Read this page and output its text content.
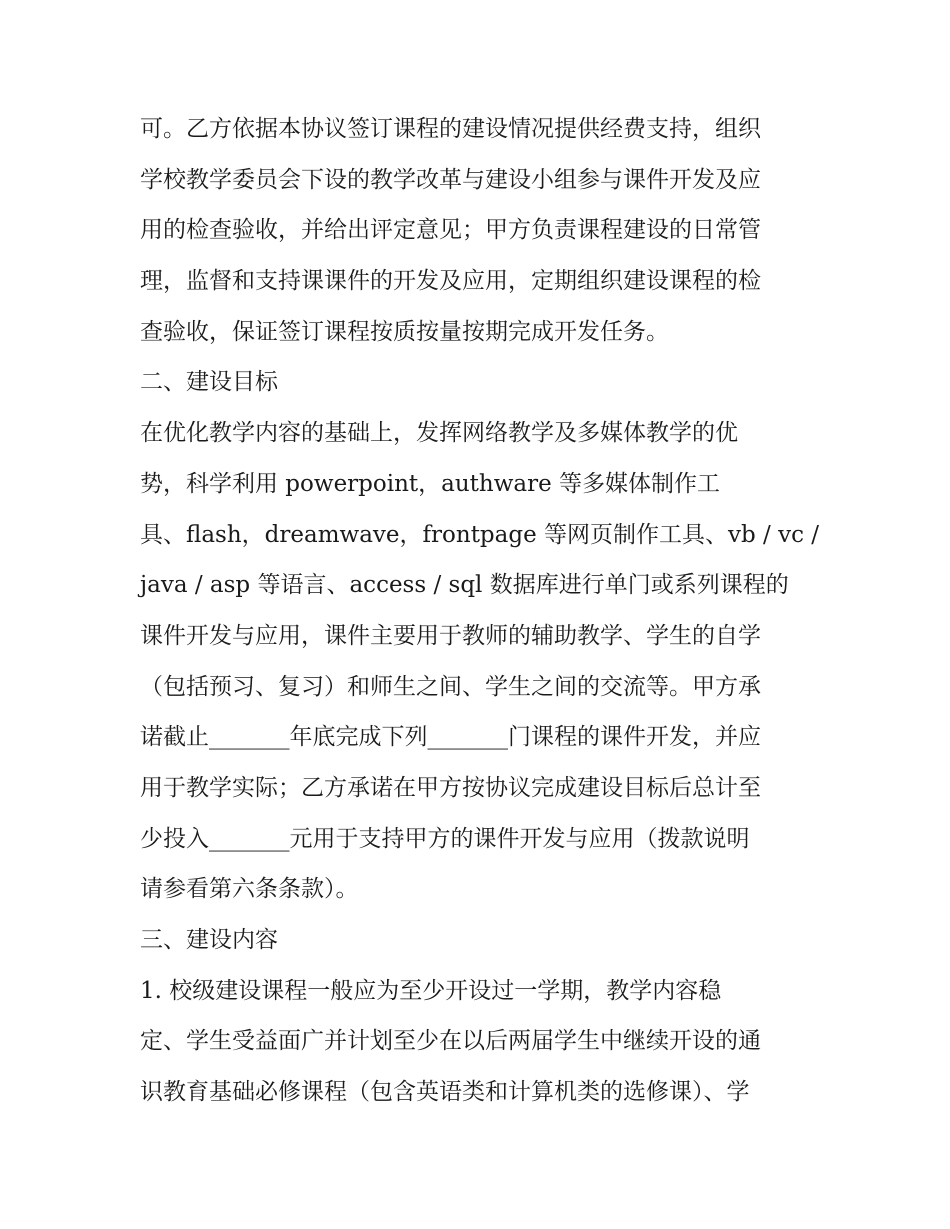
可。乙方依据本协议签订课程的建设情况提供经费支持，组织
学校教学委员会下设的教学改革与建设小组参与课件开发及应
用的检查验收，并给出评定意见；甲方负责课程建设的日常管
理，监督和支持课课件的开发及应用，定期组织建设课程的检
查验收，保证签订课程按质按量按期完成开发任务。
二、建设目标
在优化教学内容的基础上，发挥网络教学及多媒体教学的优
势，科学利用 powerpoint，authware 等多媒体制作工
具、flash，dreamwave，frontpage 等网页制作工具、vb / vc /
java / asp 等语言、access / sql 数据库进行单门或系列课程的
课件开发与应用，课件主要用于教师的辅助教学、学生的自学
（包括预习、复习）和师生之间、学生之间的交流等。甲方承
诺截止_______年底完成下列_______门课程的课件开发，并应
用于教学实际；乙方承诺在甲方按协议完成建设目标后总计至
少投入_______元用于支持甲方的课件开发与应用（拨款说明
请参看第六条条款）。
三、建设内容
1. 校级建设课程一般应为至少开设过一学期，教学内容稳
定、学生受益面广并计划至少在以后两届学生中继续开设的通
识教育基础必修课程（包含英语类和计算机类的选修课）、学
